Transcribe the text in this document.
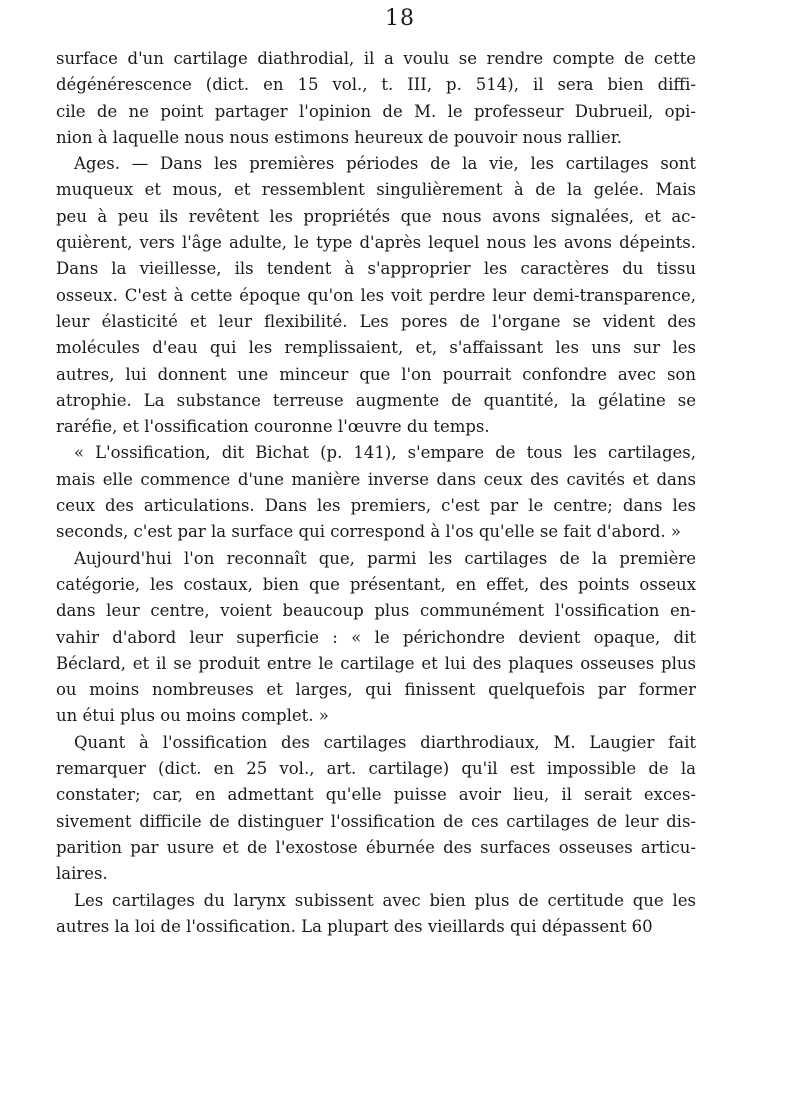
18

surface d'un cartilage diathrodial, il a voulu se rendre compte de cette
dégénérescence (dict. en 15 vol., t. III, p. 514), il sera bien diffi-
cile de ne point partager l'opinion de M. le professeur Dubrueil, opi-
nion à laquelle nous nous estimons heureux de pouvoir nous rallier.

Ages. — Dans les premières périodes de la vie, les cartilages sont
muqueux et mous, et ressemblent singulièrement à de la gelée. Mais
peu à peu ils revêtent les propriétés que nous avons signalées, et ac-
quièrent, vers l'âge adulte, le type d'après lequel nous les avons dépeints.
Dans la vieillesse, ils tendent à s'approprier les caractères du tissu
osseux. C'est à cette époque qu'on les voit perdre leur demi-transparence,
leur élasticité et leur flexibilité. Les pores de l'organe se vident des
molécules d'eau qui les remplissaient, et, s'affaissant les uns sur les
autres, lui donnent une minceur que l'on pourrait confondre avec son
atrophie. La substance terreuse augmente de quantité, la gélatine se
raréfie, et l'ossification couronne l'œuvre du temps.

« L'ossification, dit Bichat (p. 141), s'empare de tous les cartilages,
mais elle commence d'une manière inverse dans ceux des cavités et dans
ceux des articulations. Dans les premiers, c'est par le centre; dans les
seconds, c'est par la surface qui correspond à l'os qu'elle se fait d'abord. »

Aujourd'hui l'on reconnaît que, parmi les cartilages de la première
catégorie, les costaux, bien que présentant, en effet, des points osseux
dans leur centre, voient beaucoup plus communément l'ossification en-
vahir d'abord leur superficie : « le périchondre devient opaque, dit
Béclard, et il se produit entre le cartilage et lui des plaques osseuses plus
ou moins nombreuses et larges, qui finissent quelquefois par former
un étui plus ou moins complet. »

Quant à l'ossification des cartilages diarthrodiaux, M. Laugier fait
remarquer (dict. en 25 vol., art. cartilage) qu'il est impossible de la
constater; car, en admettant qu'elle puisse avoir lieu, il serait exces-
sivement difficile de distinguer l'ossification de ces cartilages de leur dis-
parition par usure et de l'exostose éburnée des surfaces osseuses articu-
laires.

Les cartilages du larynx subissent avec bien plus de certitude que les
autres la loi de l'ossification. La plupart des vieillards qui dépassent 60
